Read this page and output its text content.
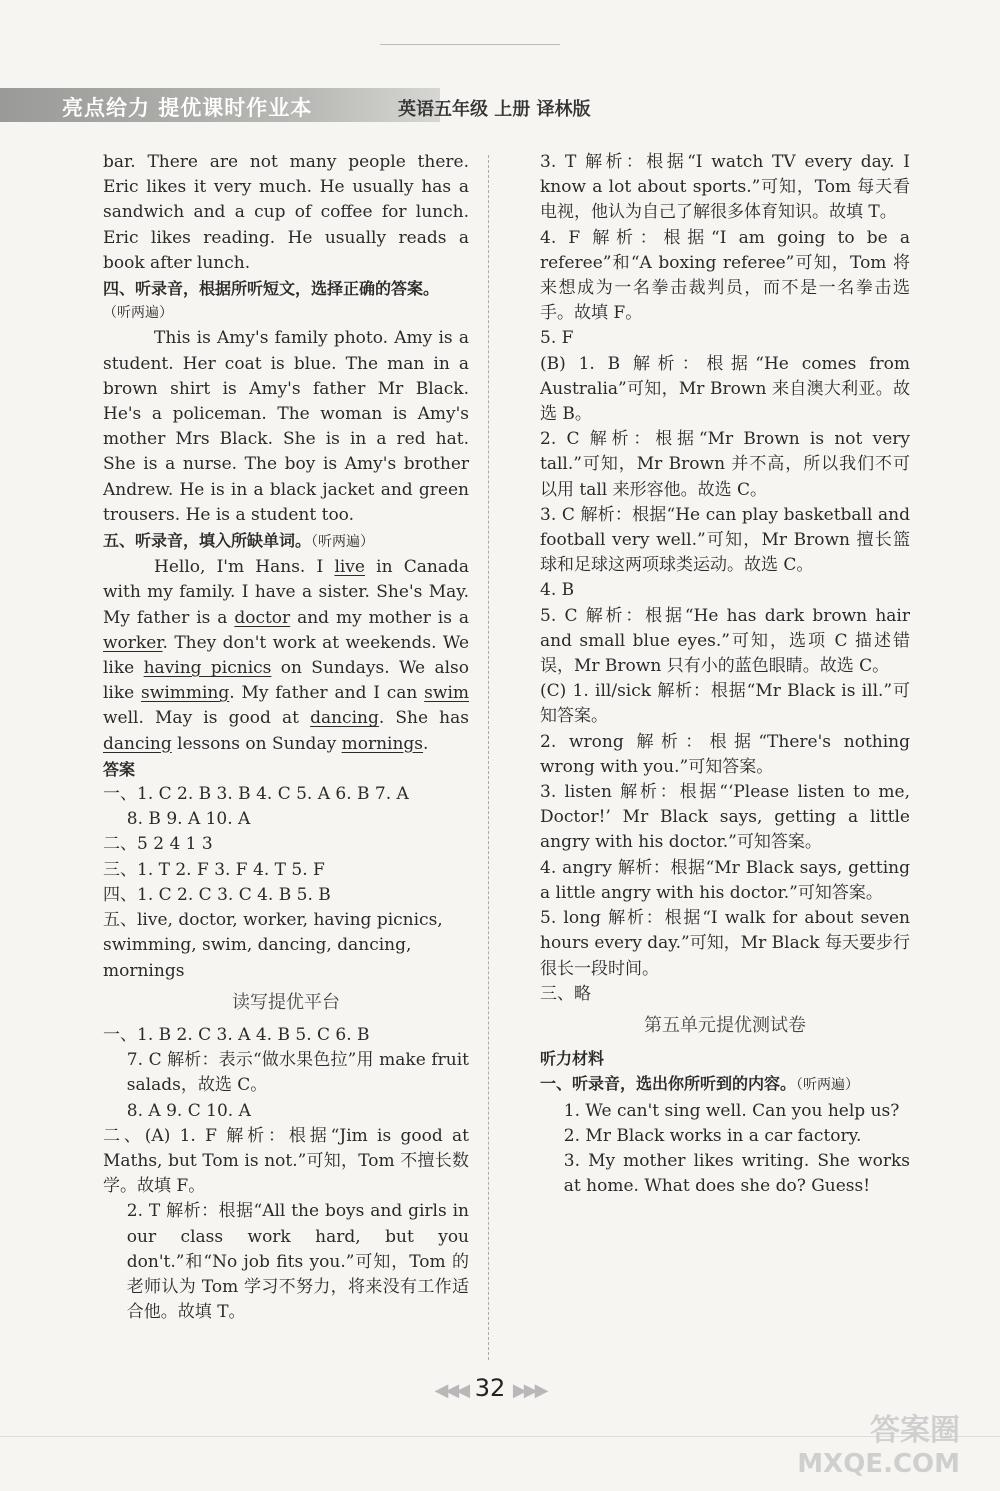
亮点给力 提优课时作业本	英语五年级 上册 译林版

bar. There are not many people there. Eric likes it very much. He usually has a sandwich and a cup of coffee for lunch. Eric likes reading. He usually reads a book after lunch.

四、听录音，根据所听短文，选择正确的答案。

（听两遍）

This is Amy's family photo. Amy is a student. Her coat is blue. The man in a brown shirt is Amy's father Mr Black. He's a policeman. The woman is Amy's mother Mrs Black. She is in a red hat. She is a nurse. The boy is Amy's brother Andrew. He is in a black jacket and green trousers. He is a student too.

五、听录音，填入所缺单词。（听两遍）

Hello, I'm Hans. I live in Canada with my family. I have a sister. She's May. My father is a doctor and my mother is a worker. They don't work at weekends. We like having picnics on Sundays. We also like swimming. My father and I can swim well. May is good at dancing. She has dancing lessons on Sunday mornings.

答案

一、1. C 2. B 3. B 4. C 5. A 6. B 7. A

8. B 9. A 10. A

二、5 2 4 1 3

三、1. T 2. F 3. F 4. T 5. F

四、1. C 2. C 3. C 4. B 5. B

五、live, doctor, worker, having picnics,

swimming, swim, dancing, dancing,

mornings

读写提优平台

一、1. B 2. C 3. A 4. B 5. C 6. B

7. C 解析：表示“做水果色拉”用 make fruit salads，故选 C。

8. A 9. C 10. A

二、(A) 1. F 解析：根据“Jim is good at Maths, but Tom is not.”可知，Tom 不擅长数学。故填 F。

2. T 解析：根据“All the boys and girls in our class work hard, but you don't.”和“No job fits you.”可知，Tom 的老师认为 Tom 学习不努力，将来没有工作适合他。故填 T。

3. T 解析：根据“I watch TV every day. I know a lot about sports.”可知，Tom 每天看电视，他认为自己了解很多体育知识。故填 T。

4. F 解析：根据“I am going to be a referee”和“A boxing referee”可知，Tom 将来想成为一名拳击裁判员，而不是一名拳击选手。故填 F。

5. F

(B) 1. B 解析：根据“He comes from Australia”可知，Mr Brown 来自澳大利亚。故选 B。

2. C 解析：根据“Mr Brown is not very tall.”可知，Mr Brown 并不高，所以我们不可以用 tall 来形容他。故选 C。

3. C 解析：根据“He can play basketball and football very well.”可知，Mr Brown 擅长篮球和足球这两项球类运动。故选 C。

4. B

5. C 解析：根据“He has dark brown hair and small blue eyes.”可知，选项 C 描述错误，Mr Brown 只有小的蓝色眼睛。故选 C。

(C) 1. ill/sick 解析：根据“Mr Black is ill.”可知答案。

2. wrong 解析：根据“There's nothing wrong with you.”可知答案。

3. listen 解析：根据“‘Please listen to me, Doctor!’ Mr Black says, getting a little angry with his doctor.”可知答案。

4. angry 解析：根据“Mr Black says, getting a little angry with his doctor.”可知答案。

5. long 解析：根据“I walk for about seven hours every day.”可知，Mr Black 每天要步行很长一段时间。

三、略

第五单元提优测试卷

听力材料

一、听录音，选出你所听到的内容。（听两遍）

1. We can't sing well. Can you help us?

2. Mr Black works in a car factory.

3. My mother likes writing. She works at home. What does she do? Guess!

◀◀◀ 32 ▶▶▶
答案圈
MXQE.COM
